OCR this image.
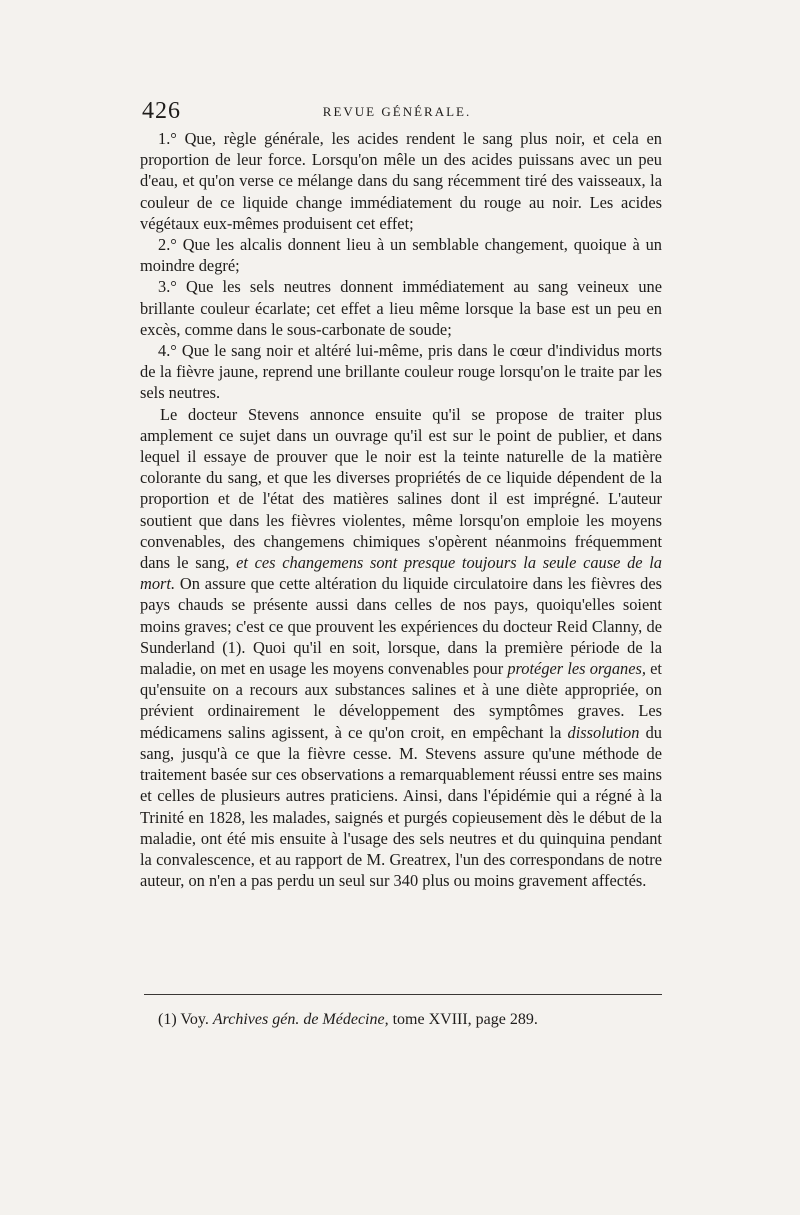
426	REVUE GÉNÉRALE.

1.° Que, règle générale, les acides rendent le sang plus noir, et cela en proportion de leur force. Lorsqu'on mêle un des acides puissans avec un peu d'eau, et qu'on verse ce mélange dans du sang récemment tiré des vaisseaux, la couleur de ce liquide change immédiatement du rouge au noir. Les acides végétaux eux-mêmes produisent cet effet;

2.° Que les alcalis donnent lieu à un semblable changement, quoique à un moindre degré;

3.° Que les sels neutres donnent immédiatement au sang veineux une brillante couleur écarlate; cet effet a lieu même lorsque la base est un peu en excès, comme dans le sous-carbonate de soude;

4.° Que le sang noir et altéré lui-même, pris dans le cœur d'individus morts de la fièvre jaune, reprend une brillante couleur rouge lorsqu'on le traite par les sels neutres.

Le docteur Stevens annonce ensuite qu'il se propose de traiter plus amplement ce sujet dans un ouvrage qu'il est sur le point de publier, et dans lequel il essaye de prouver que le noir est la teinte naturelle de la matière colorante du sang, et que les diverses propriétés de ce liquide dépendent de la proportion et de l'état des matières salines dont il est imprégné. L'auteur soutient que dans les fièvres violentes, même lorsqu'on emploie les moyens convenables, des changemens chimiques s'opèrent néanmoins fréquemment dans le sang, et ces changemens sont presque toujours la seule cause de la mort. On assure que cette altération du liquide circulatoire dans les fièvres des pays chauds se présente aussi dans celles de nos pays, quoiqu'elles soient moins graves; c'est ce que prouvent les expériences du docteur Reid Clanny, de Sunderland (1). Quoi qu'il en soit, lorsque, dans la première période de la maladie, on met en usage les moyens convenables pour protéger les organes, et qu'ensuite on a recours aux substances salines et à une diète appropriée, on prévient ordinairement le développement des symptômes graves. Les médicamens salins agissent, à ce qu'on croit, en empêchant la dissolution du sang, jusqu'à ce que la fièvre cesse. M. Stevens assure qu'une méthode de traitement basée sur ces observations a remarquablement réussi entre ses mains et celles de plusieurs autres praticiens. Ainsi, dans l'épidémie qui a régné à la Trinité en 1828, les malades, saignés et purgés copieusement dès le début de la maladie, ont été mis ensuite à l'usage des sels neutres et du quinquina pendant la convalescence, et au rapport de M. Greatrex, l'un des correspondans de notre auteur, on n'en a pas perdu un seul sur 340 plus ou moins gravement affectés.

(1) Voy. Archives gén. de Médecine, tome XVIII, page 289.
